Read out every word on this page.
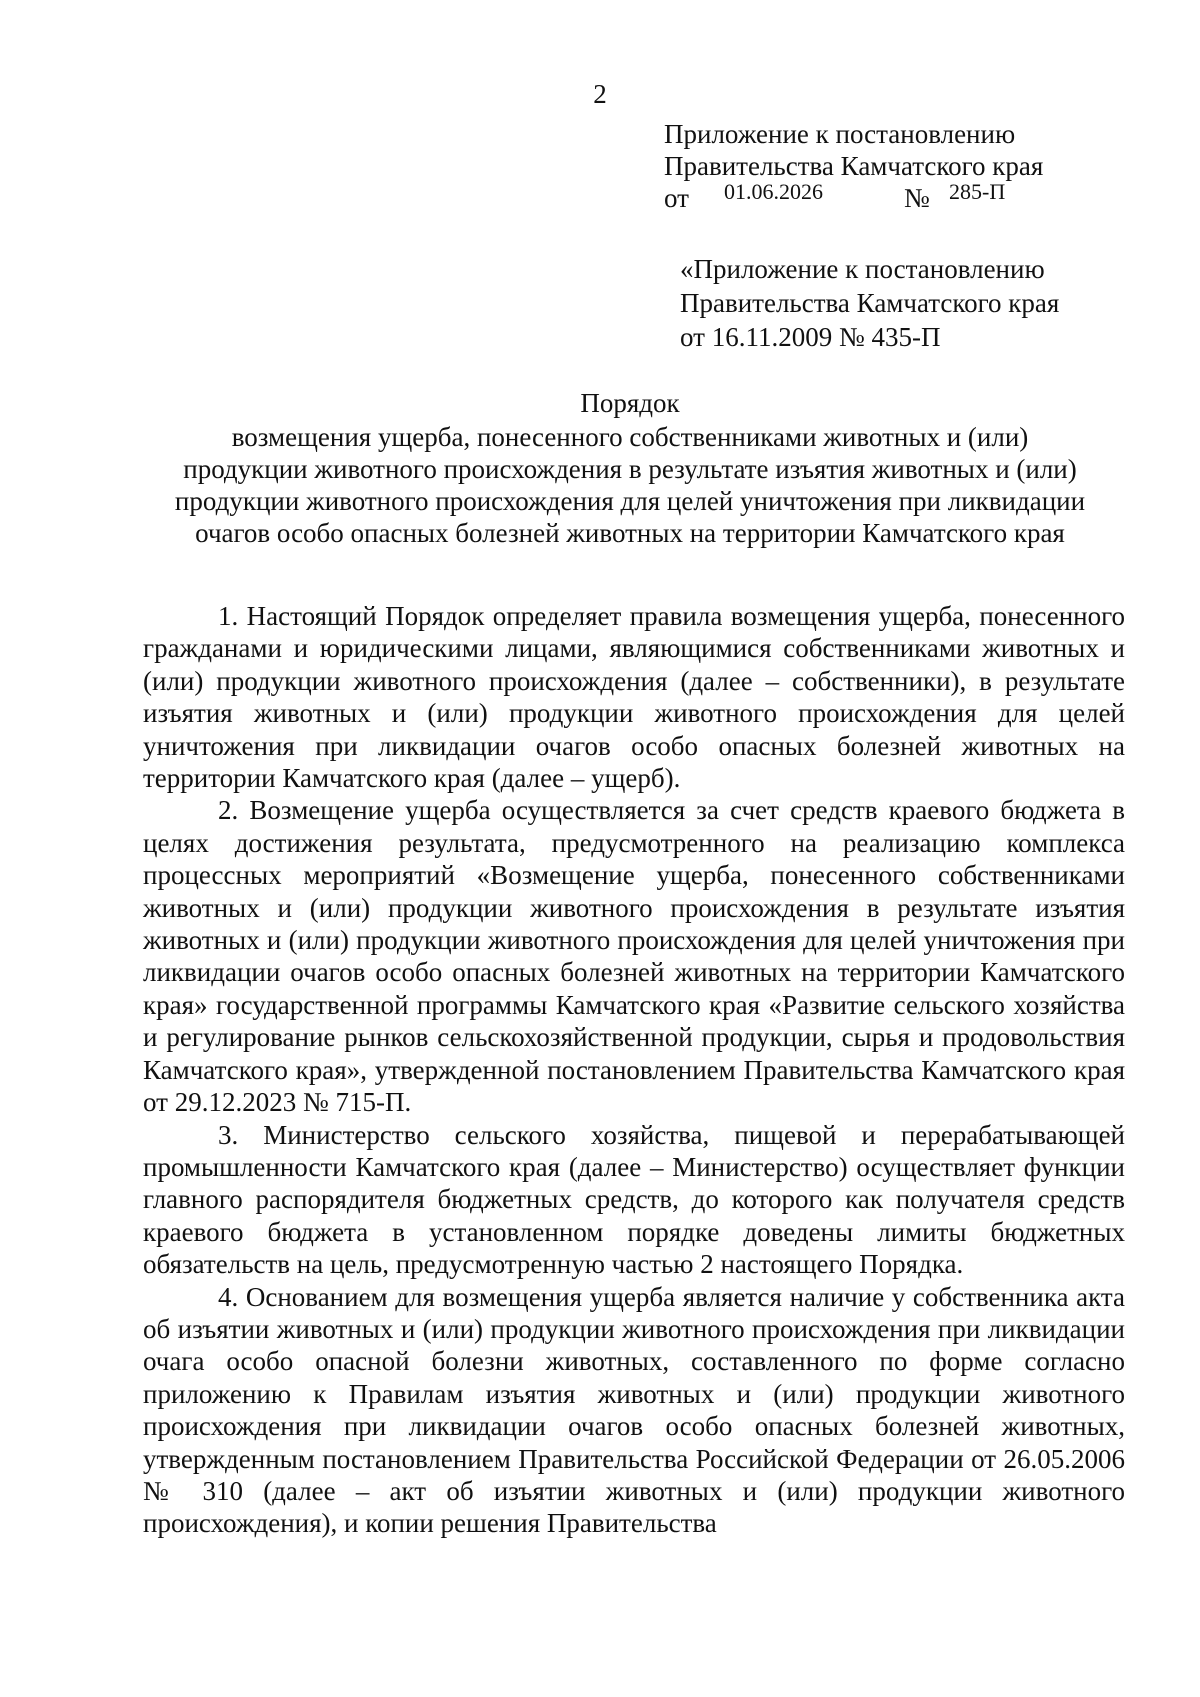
2
Приложение к постановлению
Правительства Камчатского края
от 01.06.2026	№ 285-П
«Приложение к постановлению
Правительства Камчатского края
от 16.11.2009 № 435-П
Порядок
возмещения ущерба, понесенного собственниками животных и (или)
продукции животного происхождения в результате изъятия животных и (или)
продукции животного происхождения для целей уничтожения при ликвидации
очагов особо опасных болезней животных на территории Камчатского края

1. Настоящий Порядок определяет правила возмещения ущерба, понесенного гражданами и юридическими лицами, являющимися собственниками животных и (или) продукции животного происхождения (далее – собственники), в результате изъятия животных и (или) продукции животного происхождения для целей уничтожения при ликвидации очагов особо опасных болезней животных на территории Камчатского края (далее – ущерб).

2. Возмещение ущерба осуществляется за счет средств краевого бюджета в целях достижения результата, предусмотренного на реализацию комплекса процессных мероприятий «Возмещение ущерба, понесенного собственниками животных и (или) продукции животного происхождения в результате изъятия животных и (или) продукции животного происхождения для целей уничтожения при ликвидации очагов особо опасных болезней животных на территории Камчатского края» государственной программы Камчатского края «Развитие сельского хозяйства и регулирование рынков сельскохозяйственной продукции, сырья и продовольствия Камчатского края», утвержденной постановлением Правительства Камчатского края от 29.12.2023 № 715-П.

3. Министерство сельского хозяйства, пищевой и перерабатывающей промышленности Камчатского края (далее – Министерство) осуществляет функции главного распорядителя бюджетных средств, до которого как получателя средств краевого бюджета в установленном порядке доведены лимиты бюджетных обязательств на цель, предусмотренную частью 2 настоящего Порядка.

4. Основанием для возмещения ущерба является наличие у собственника акта об изъятии животных и (или) продукции животного происхождения при ликвидации очага особо опасной болезни животных, составленного по форме согласно приложению к Правилам изъятия животных и (или) продукции животного происхождения при ликвидации очагов особо опасных болезней животных, утвержденным постановлением Правительства Российской Федерации от 26.05.2006 № 310 (далее – акт об изъятии животных и (или) продукции животного происхождения), и копии решения Правительства
